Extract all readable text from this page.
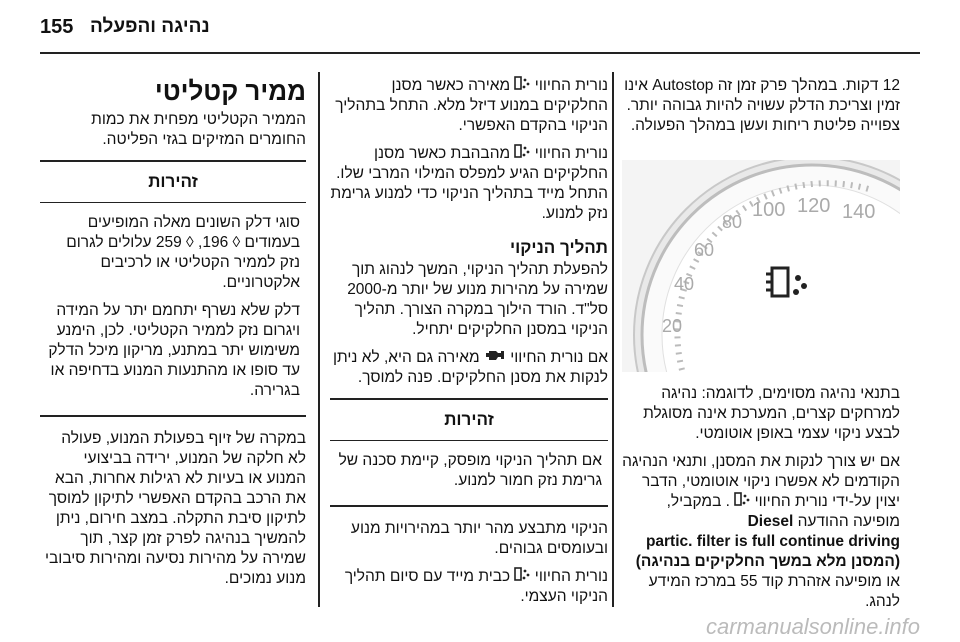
נהיגה והפעלה
155

12 דקות. במהלך פרק זמן זה Autostop אינו זמין וצריכת הדלק עשויה להיות גבוהה יותר. צפוייה פליטת ריחות ועשן במהלך הפעולה.

20
40
60
80
100 120 140

בתנאי נהיגה מסוימים, לדוגמה: נהיגה למרחקים קצרים, המערכת אינה מסוגלת לבצע ניקוי עצמי באופן אוטומטי.

אם יש צורך לנקות את המסנן, ותנאי הנהיגה הקודמים לא אפשרו ניקוי אוטומטי, הדבר יצוין על-ידי נורית החיווי  . במקביל, מופיעה ההודעה Diesel
partic. filter is full continue driving
(המסנן מלא במשך החלקיקים בנהיגה) או מופיעה אזהרת קוד 55 במרכז המידע לנהג.

נורית החיווי  מאירה כאשר מסנן החלקיקים במנוע דיזל מלא. התחל בתהליך הניקוי בהקדם האפשרי.

נורית החיווי  מהבהבת כאשר מסנן החלקיקים הגיע למפלס המילוי המרבי שלו. התחל מייד בתהליך הניקוי כדי למנוע גרימת נזק למנוע.

תהליך הניקוי

להפעלת תהליך הניקוי, המשך לנהוג תוך שמירה על מהירות מנוע של יותר מ-2000 סל"ד. הורד הילוך במקרה הצורך. תהליך הניקוי במסנן החלקיקים יתחיל.

אם נורית החיווי  מאירה גם היא, לא ניתן לנקות את מסנן החלקיקים. פנה למוסך.

זהירות

אם תהליך הניקוי מופסק, קיימת סכנה של גרימת נזק חמור למנוע.

הניקוי מתבצע מהר יותר במהירויות מנוע ובעומסים גבוהים.

נורית החיווי  כבית מייד עם סיום תהליך הניקוי העצמי.

ממיר קטליטי

הממיר הקטליטי מפחית את כמות החומרים המזיקים בגזי הפליטה.

זהירות

סוגי דלק השונים מאלה המופיעים בעמודים ◊ 196, ◊ 259 עלולים לגרום נזק לממיר הקטליטי או לרכיבים אלקטרוניים.

דלק שלא נשרף יתחמם יתר על המידה ויגרום נזק לממיר הקטליטי. לכן, הימנע משימוש יתר במתנע, מריקון מיכל הדלק עד סופו או מהתנעות המנוע בדחיפה או בגרירה.

במקרה של זיוף בפעולת המנוע, פעולה לא חלקה של המנוע, ירידה בביצועי המנוע או בעיות לא רגילות אחרות, הבא את הרכב בהקדם האפשרי לתיקון למוסך לתיקון סיבת התקלה. במצב חירום, ניתן להמשיך בנהיגה לפרק זמן קצר, תוך שמירה על מהירות נסיעה ומהירות סיבובי מנוע נמוכים.

carmanualsonline.info
